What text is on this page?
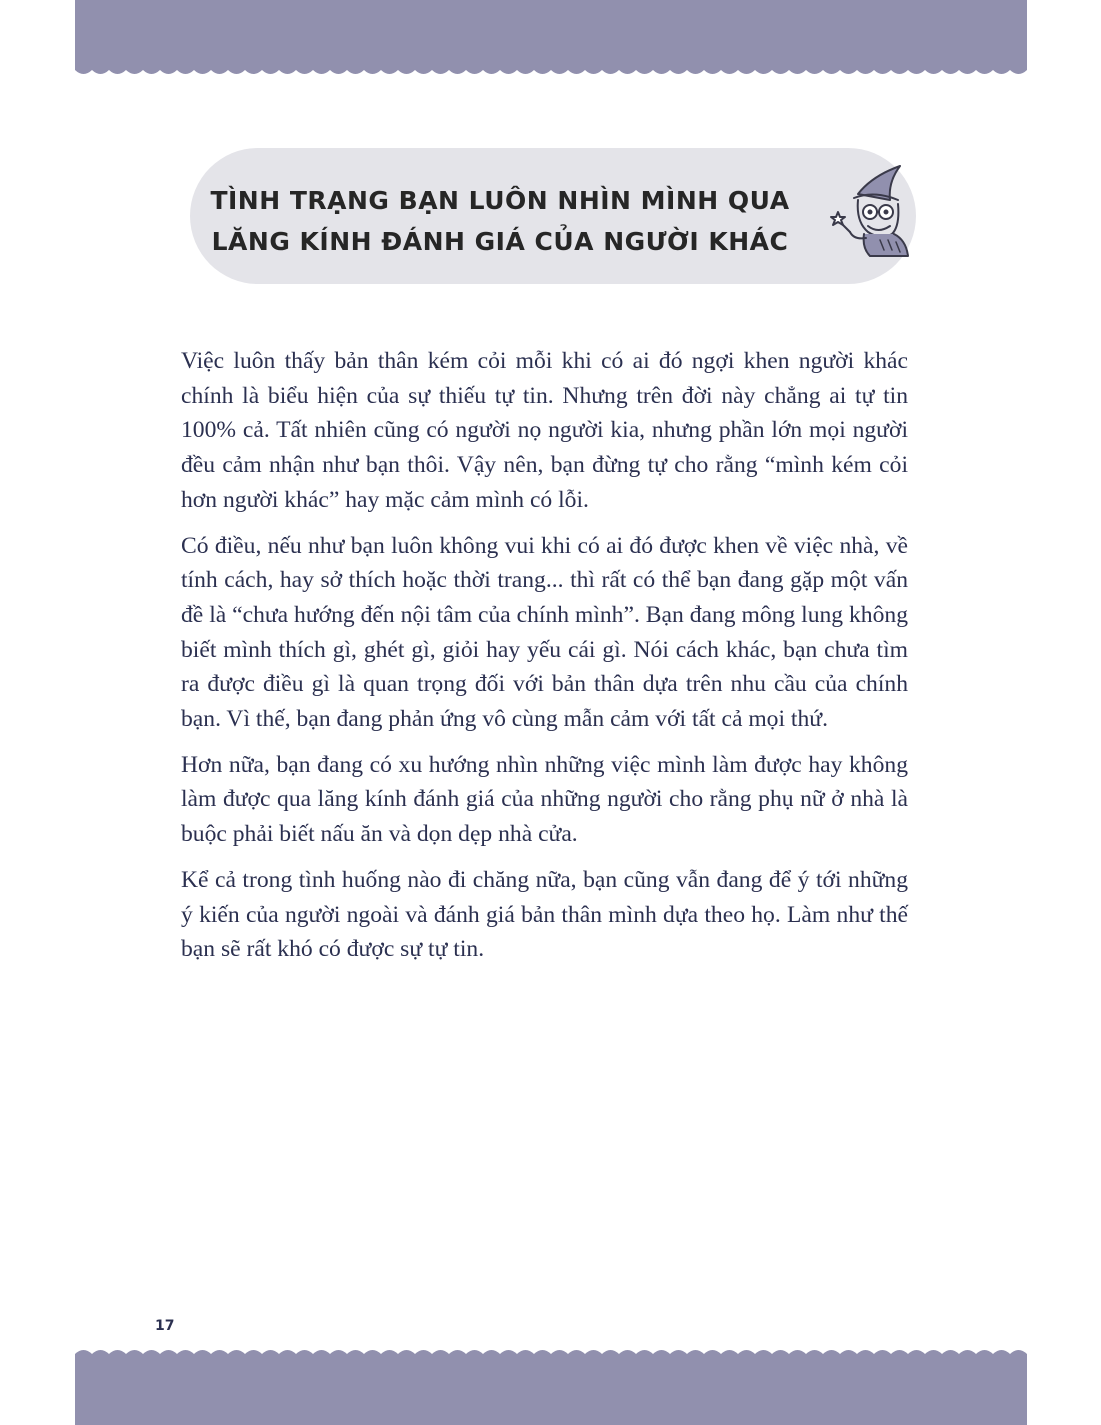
TÌNH TRẠNG BẠN LUÔN NHÌN MÌNH QUA
LĂNG KÍNH ĐÁNH GIÁ CỦA NGƯỜI KHÁC

Việc luôn thấy bản thân kém cỏi mỗi khi có ai đó ngợi khen người khác chính là biểu hiện của sự thiếu tự tin. Nhưng trên đời này chẳng ai tự tin 100% cả. Tất nhiên cũng có người nọ người kia, nhưng phần lớn mọi người đều cảm nhận như bạn thôi. Vậy nên, bạn đừng tự cho rằng “mình kém cỏi hơn người khác” hay mặc cảm mình có lỗi.

Có điều, nếu như bạn luôn không vui khi có ai đó được khen về việc nhà, về tính cách, hay sở thích hoặc thời trang... thì rất có thể bạn đang gặp một vấn đề là “chưa hướng đến nội tâm của chính mình”. Bạn đang mông lung không biết mình thích gì, ghét gì, giỏi hay yếu cái gì. Nói cách khác, bạn chưa tìm ra được điều gì là quan trọng đối với bản thân dựa trên nhu cầu của chính bạn. Vì thế, bạn đang phản ứng vô cùng mẫn cảm với tất cả mọi thứ.

Hơn nữa, bạn đang có xu hướng nhìn những việc mình làm được hay không làm được qua lăng kính đánh giá của những người cho rằng phụ nữ ở nhà là buộc phải biết nấu ăn và dọn dẹp nhà cửa.

Kể cả trong tình huống nào đi chăng nữa, bạn cũng vẫn đang để ý tới những ý kiến của người ngoài và đánh giá bản thân mình dựa theo họ. Làm như thế bạn sẽ rất khó có được sự tự tin.

17
